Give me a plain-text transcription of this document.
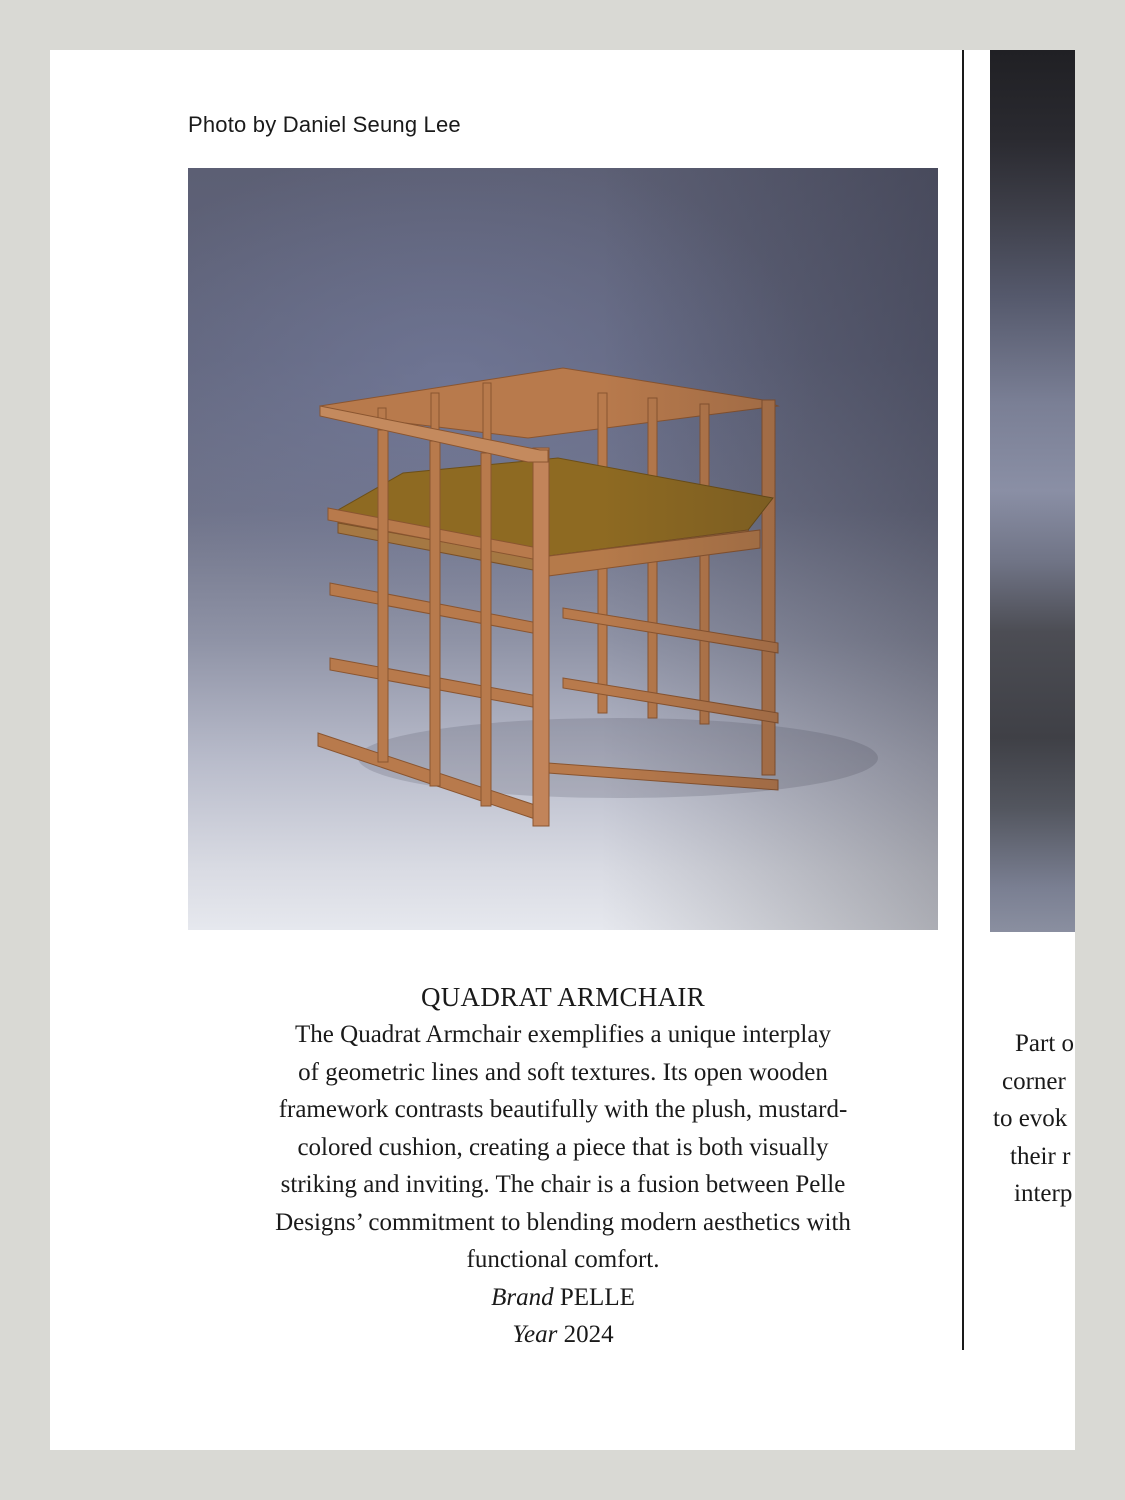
Photo by Daniel Seung Lee
QUADRAT ARMCHAIR
The Quadrat Armchair exemplifies a unique interplay
of geometric lines and soft textures. Its open wooden
framework contrasts beautifully with the plush, mustard-
colored cushion, creating a piece that is both visually
striking and inviting. The chair is a fusion between Pelle
Designs’ commitment to blending modern aesthetics with
functional comfort.
Brand PELLE
Year 2024
Part o
corner
to evok
their r
interp
